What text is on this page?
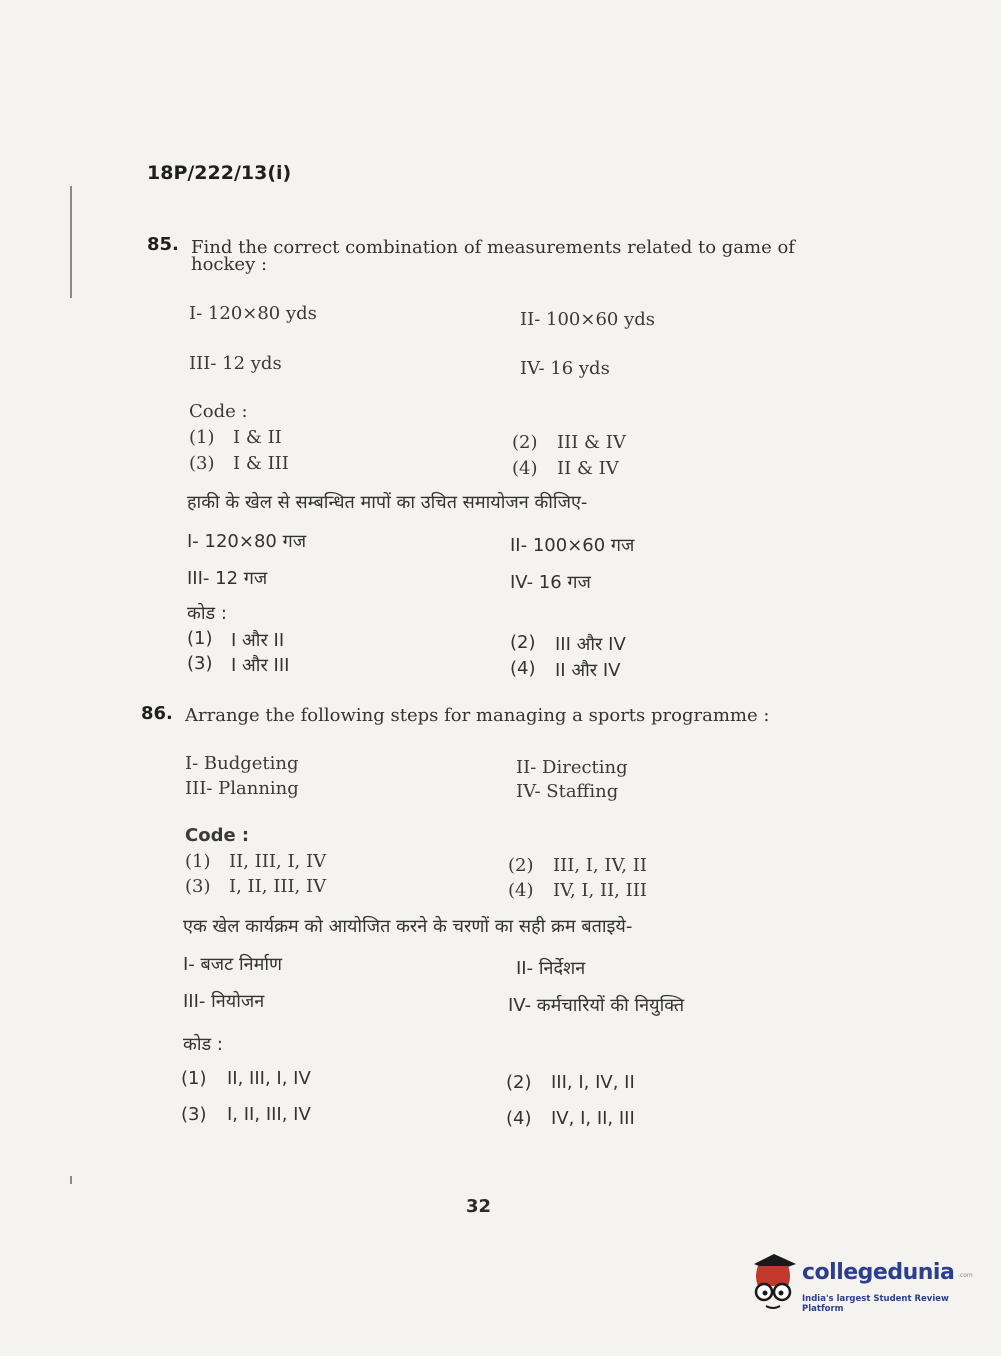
18P/222/13(i)
85. Find the correct combination of measurements related to game of
hockey :
I- 120×80 yds	II- 100×60 yds
III- 12 yds	IV- 16 yds
Code :
(1) I & II	(2) III & IV
(3) I & III	(4) II & IV
हाकी के खेल से सम्बन्धित मापों का उचित समायोजन कीजिए-
I- 120×80 गज	II- 100×60 गज
III- 12 गज	IV- 16 गज
कोड :
(1) I और II	(2) III और IV
(3) I और III	(4) II और IV
86. Arrange the following steps for managing a sports programme :
I- Budgeting	II- Directing
III- Planning	IV- Staffing
Code :
(1) II, III, I, IV	(2) III, I, IV, II
(3) I, II, III, IV	(4) IV, I, II, III
एक खेल कार्यक्रम को आयोजित करने के चरणों का सही क्रम बताइये-
I- बजट निर्माण	II- निर्देशन
III- नियोजन	IV- कर्मचारियों की नियुक्ति
कोड :
(1) II, III, I, IV	(2) III, I, IV, II
(3) I, II, III, IV	(4) IV, I, II, III
32
collegedunia .com
India's largest Student Review Platform
